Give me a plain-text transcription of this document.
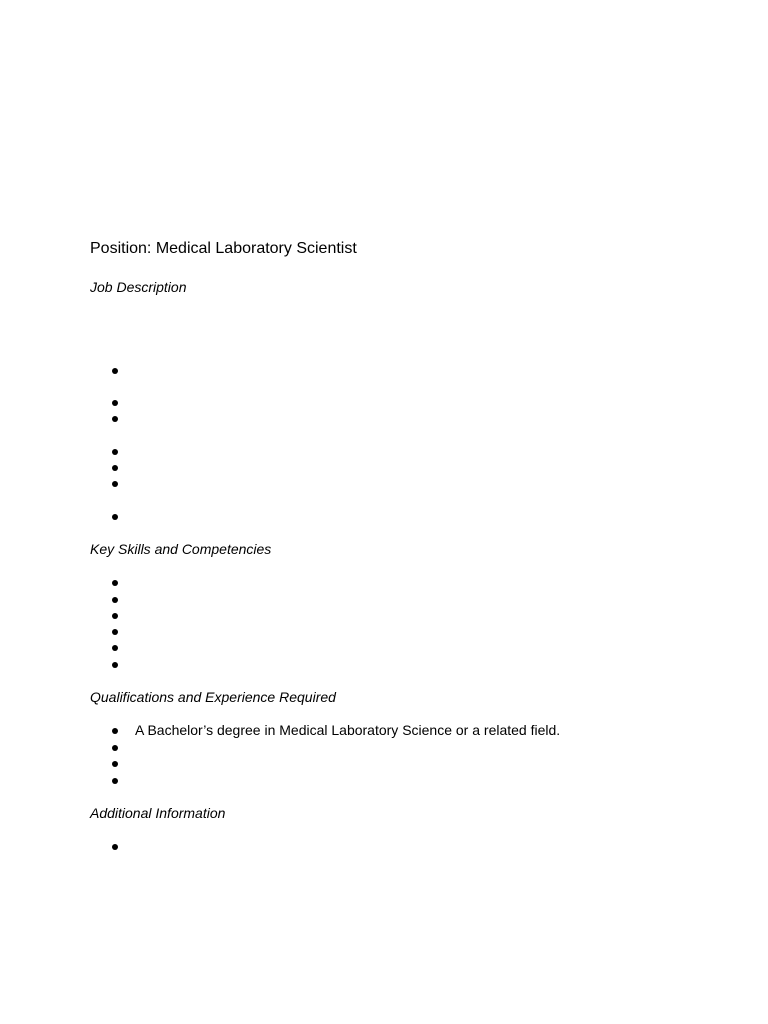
Position: Medical Laboratory Scientist
Job Description
Key Skills and Competencies
Qualifications and Experience Required
A Bachelor’s degree in Medical Laboratory Science or a related field.
Additional Information
